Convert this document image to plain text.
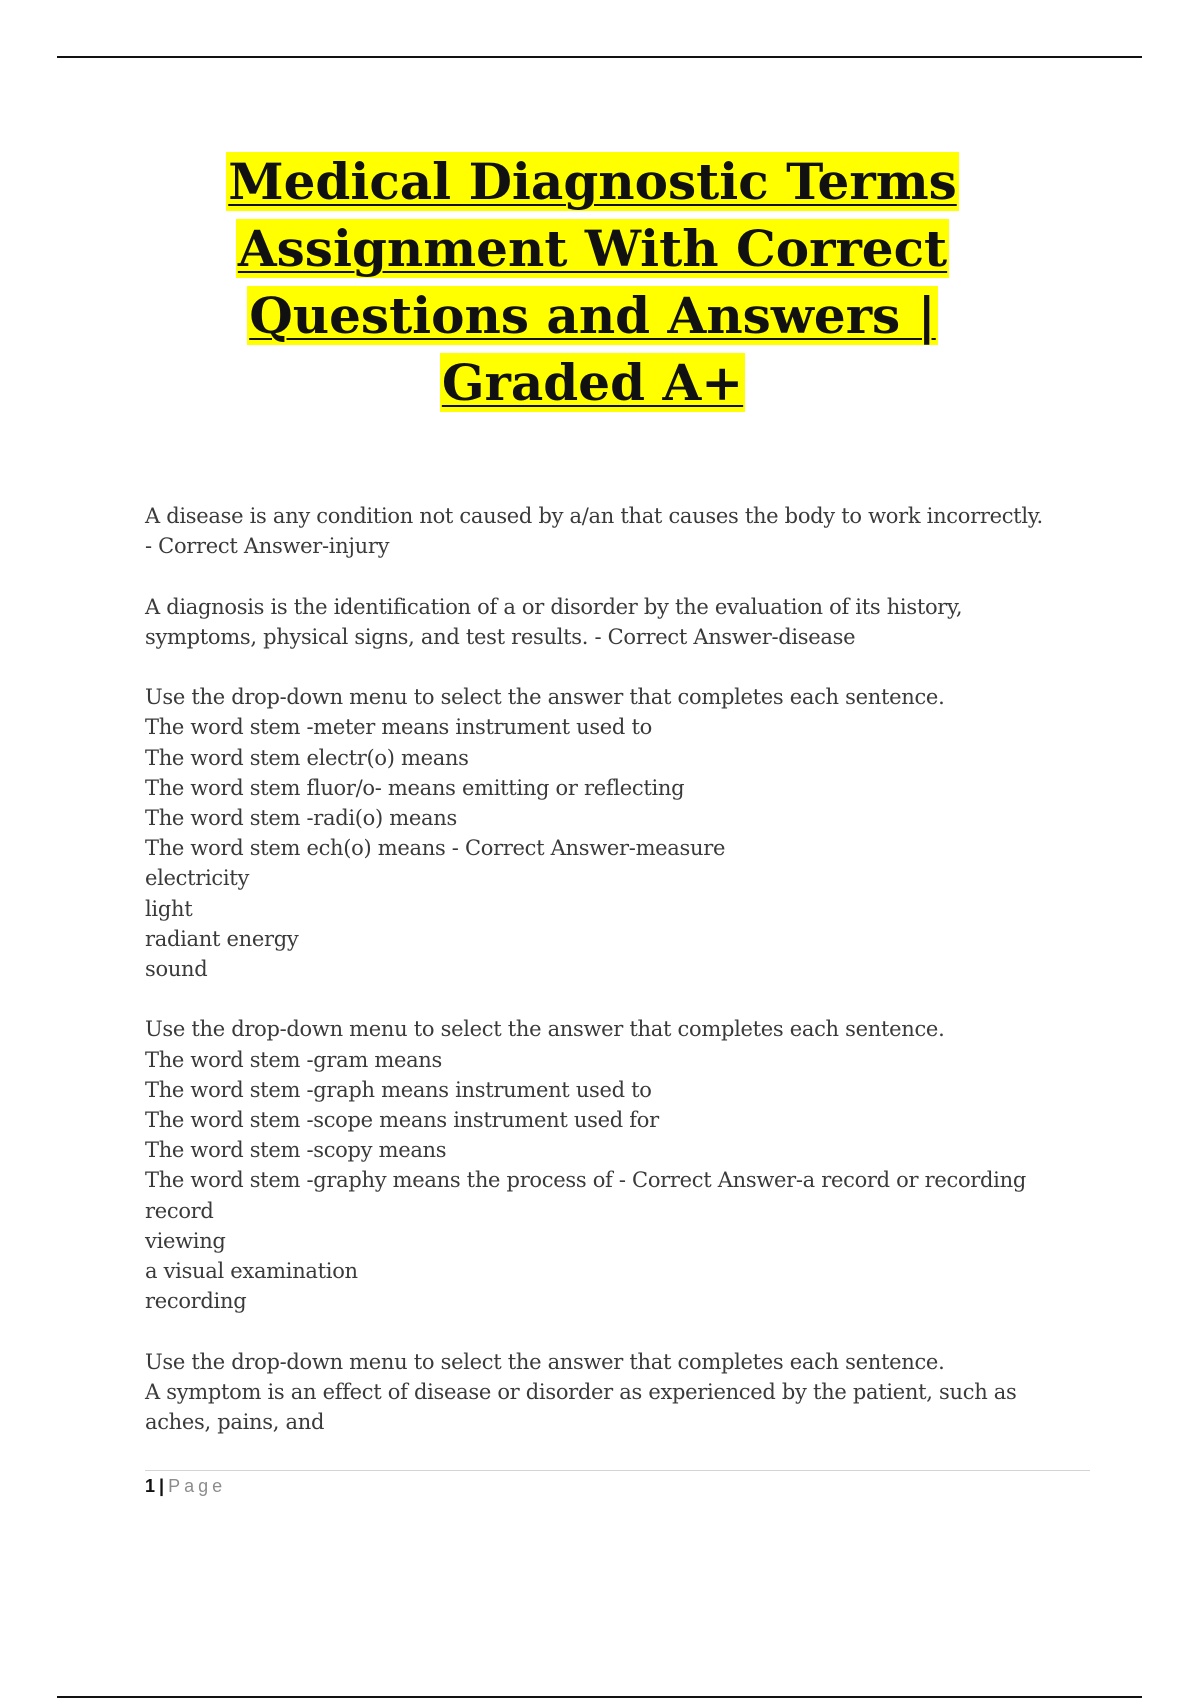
Medical Diagnostic Terms
Assignment With Correct
Questions and Answers |
Graded A+
A disease is any condition not caused by a/an that causes the body to work incorrectly.
- Correct Answer-injury
A diagnosis is the identification of a or disorder by the evaluation of its history,
symptoms, physical signs, and test results. - Correct Answer-disease
Use the drop-down menu to select the answer that completes each sentence.
The word stem -meter means instrument used to
The word stem electr(o) means
The word stem fluor/o- means emitting or reflecting
The word stem -radi(o) means
The word stem ech(o) means - Correct Answer-measure
electricity
light
radiant energy
sound
Use the drop-down menu to select the answer that completes each sentence.
The word stem -gram means
The word stem -graph means instrument used to
The word stem -scope means instrument used for
The word stem -scopy means
The word stem -graphy means the process of - Correct Answer-a record or recording
record
viewing
a visual examination
recording
Use the drop-down menu to select the answer that completes each sentence.
A symptom is an effect of disease or disorder as experienced by the patient, such as
aches, pains, and
1 | Page
